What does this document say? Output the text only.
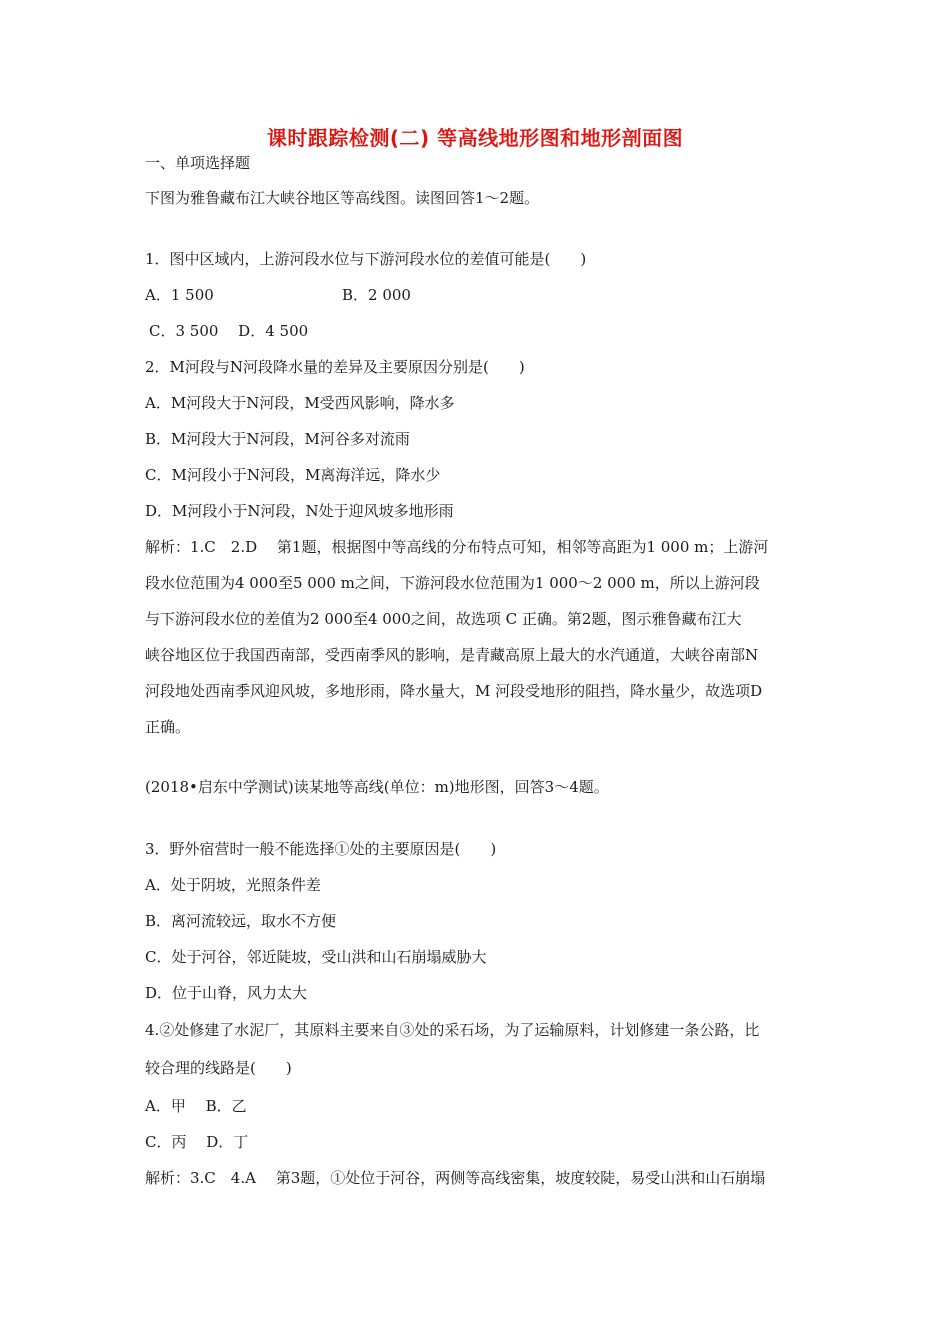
课时跟踪检测(二) 等高线地形图和地形剖面图
一、单项选择题
下图为雅鲁藏布江大峡谷地区等高线图。读图回答1～2题。
1．图中区域内，上游河段水位与下游河段水位的差值可能是(　　)
A．1 500	B．2 000
C．3 500　 D．4 500
2．M河段与N河段降水量的差异及主要原因分别是(　　)
A．M河段大于N河段，M受西风影响，降水多
B．M河段大于N河段，M河谷多对流雨
C．M河段小于N河段，M离海洋远，降水少
D．M河段小于N河段，N处于迎风坡多地形雨
解析：1.C　2.D　 第1题，根据图中等高线的分布特点可知，相邻等高距为1 000 m；上游河
段水位范围为4 000至5 000 m之间，下游河段水位范围为1 000～2 000 m，所以上游河段
与下游河段水位的差值为2 000至4 000之间，故选项 C 正确。第2题，图示雅鲁藏布江大
峡谷地区位于我国西南部，受西南季风的影响，是青藏高原上最大的水汽通道，大峡谷南部N
河段地处西南季风迎风坡，多地形雨，降水量大，M 河段受地形的阻挡，降水量少，故选项D
正确。
(2018•启东中学测试)读某地等高线(单位：m)地形图，回答3～4题。
3．野外宿营时一般不能选择①处的主要原因是(　　)
A．处于阴坡，光照条件差
B．离河流较远，取水不方便
C．处于河谷，邻近陡坡，受山洪和山石崩塌威胁大
D．位于山脊，风力太大
4.②处修建了水泥厂，其原料主要来自③处的采石场，为了运输原料，计划修建一条公路，比
较合理的线路是(　　)
A．甲　 B．乙
C．丙　 D．丁
解析：3.C　4.A　 第3题，①处位于河谷，两侧等高线密集，坡度较陡，易受山洪和山石崩塌
